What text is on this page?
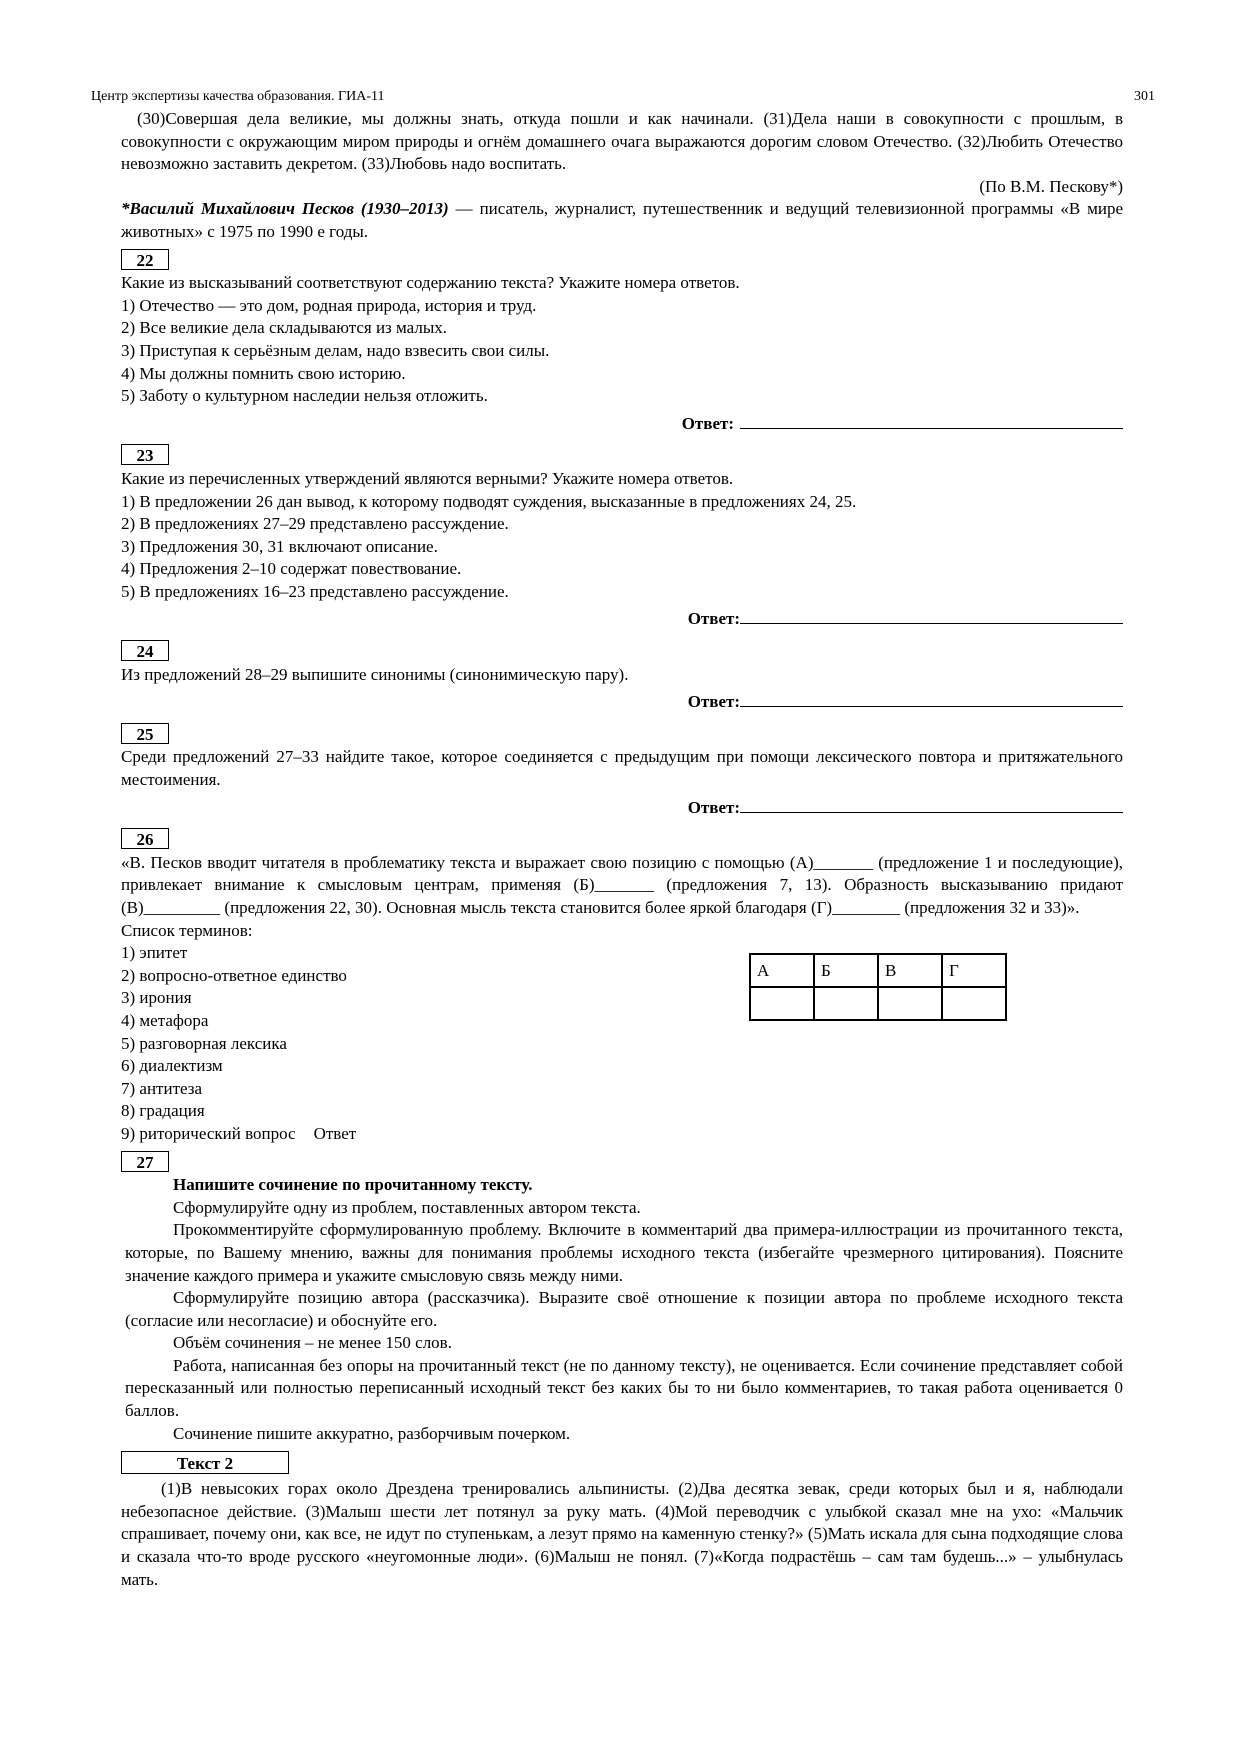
Центр экспертизы качества образования. ГИА-11	301

(30)Совершая дела великие, мы должны знать, откуда пошли и как начинали. (31)Дела наши в совокупности с прошлым, в совокупности с окружающим миром природы и огнём домашнего очага выражаются дорогим словом Отечество. (32)Любить Отечество невозможно заставить декретом. (33)Любовь надо воспитать.

(По В.М. Пескову*)

*Василий Михайлович Песков (1930–2013) — писатель, журналист, путешественник и ведущий телевизионной программы «В мире животных» с 1975 по 1990 е годы.

22

Какие из высказываний соответствуют содержанию текста? Укажите номера ответов.

1) Отечество — это дом, родная природа, история и труд.

2) Все великие дела складываются из малых.

3) Приступая к серьёзным делам, надо взвесить свои силы.

4) Мы должны помнить свою историю.

5) Заботу о культурном наследии нельзя отложить.

Ответ:
23

Какие из перечисленных утверждений являются верными? Укажите номера ответов.

1) В предложении 26 дан вывод, к которому подводят суждения, высказанные в предложениях 24, 25.

2) В предложениях 27–29 представлено рассуждение.

3) Предложения 30, 31 включают описание.

4) Предложения 2–10 содержат повествование.

5) В предложениях 16–23 представлено рассуждение.

Ответ:
24

Из предложений 28–29 выпишите синонимы (синонимическую пару).

Ответ:
25

Среди предложений 27–33 найдите такое, которое соединяется с предыдущим при помощи лексического повтора и притяжательного местоимения.

Ответ:
26

«В. Песков вводит читателя в проблематику текста и выражает свою позицию с помощью (А)_______ (предложение 1 и последующие), привлекает внимание к смысловым центрам, применяя (Б)_______ (предложения 7, 13). Образность высказыванию придают (В)_________ (предложения 22, 30). Основная мысль текста становится более яркой благодаря (Г)________ (предложения 32 и 33)».

Список терминов:

1) эпитет

2) вопросно-ответное единство

3) ирония

4) метафора

5) разговорная лексика

6) диалектизм

7) антитеза

8) градация

9) риторический вопрос Ответ

27

Напишите сочинение по прочитанному тексту.

Сформулируйте одну из проблем, поставленных автором текста.

Прокомментируйте сформулированную проблему. Включите в комментарий два примера-иллюстрации из прочитанного текста, которые, по Вашему мнению, важны для понимания проблемы исходного текста (избегайте чрезмерного цитирования). Поясните значение каждого примера и укажите смысловую связь между ними.

Сформулируйте позицию автора (рассказчика). Выразите своё отношение к позиции автора по проблеме исходного текста (согласие или несогласие) и обоснуйте его.

Объём сочинения – не менее 150 слов.

Работа, написанная без опоры на прочитанный текст (не по данному тексту), не оценивается. Если сочинение представляет собой пересказанный или полностью переписанный исходный текст без каких бы то ни было комментариев, то такая работа оценивается 0 баллов.

Сочинение пишите аккуратно, разборчивым почерком.

Текст 2

(1)В невысоких горах около Дрездена тренировались альпинисты. (2)Два десятка зевак, среди которых был и я, наблюдали небезопасное действие. (3)Малыш шести лет потянул за руку мать. (4)Мой переводчик с улыбкой сказал мне на ухо: «Мальчик спрашивает, почему они, как все, не идут по ступенькам, а лезут прямо на каменную стенку?» (5)Мать искала для сына подходящие слова и сказала что-то вроде русского «неугомонные люди». (6)Малыш не понял. (7)«Когда подрастёшь – сам там будешь...» – улыбнулась мать.

А	Б	В	Г
